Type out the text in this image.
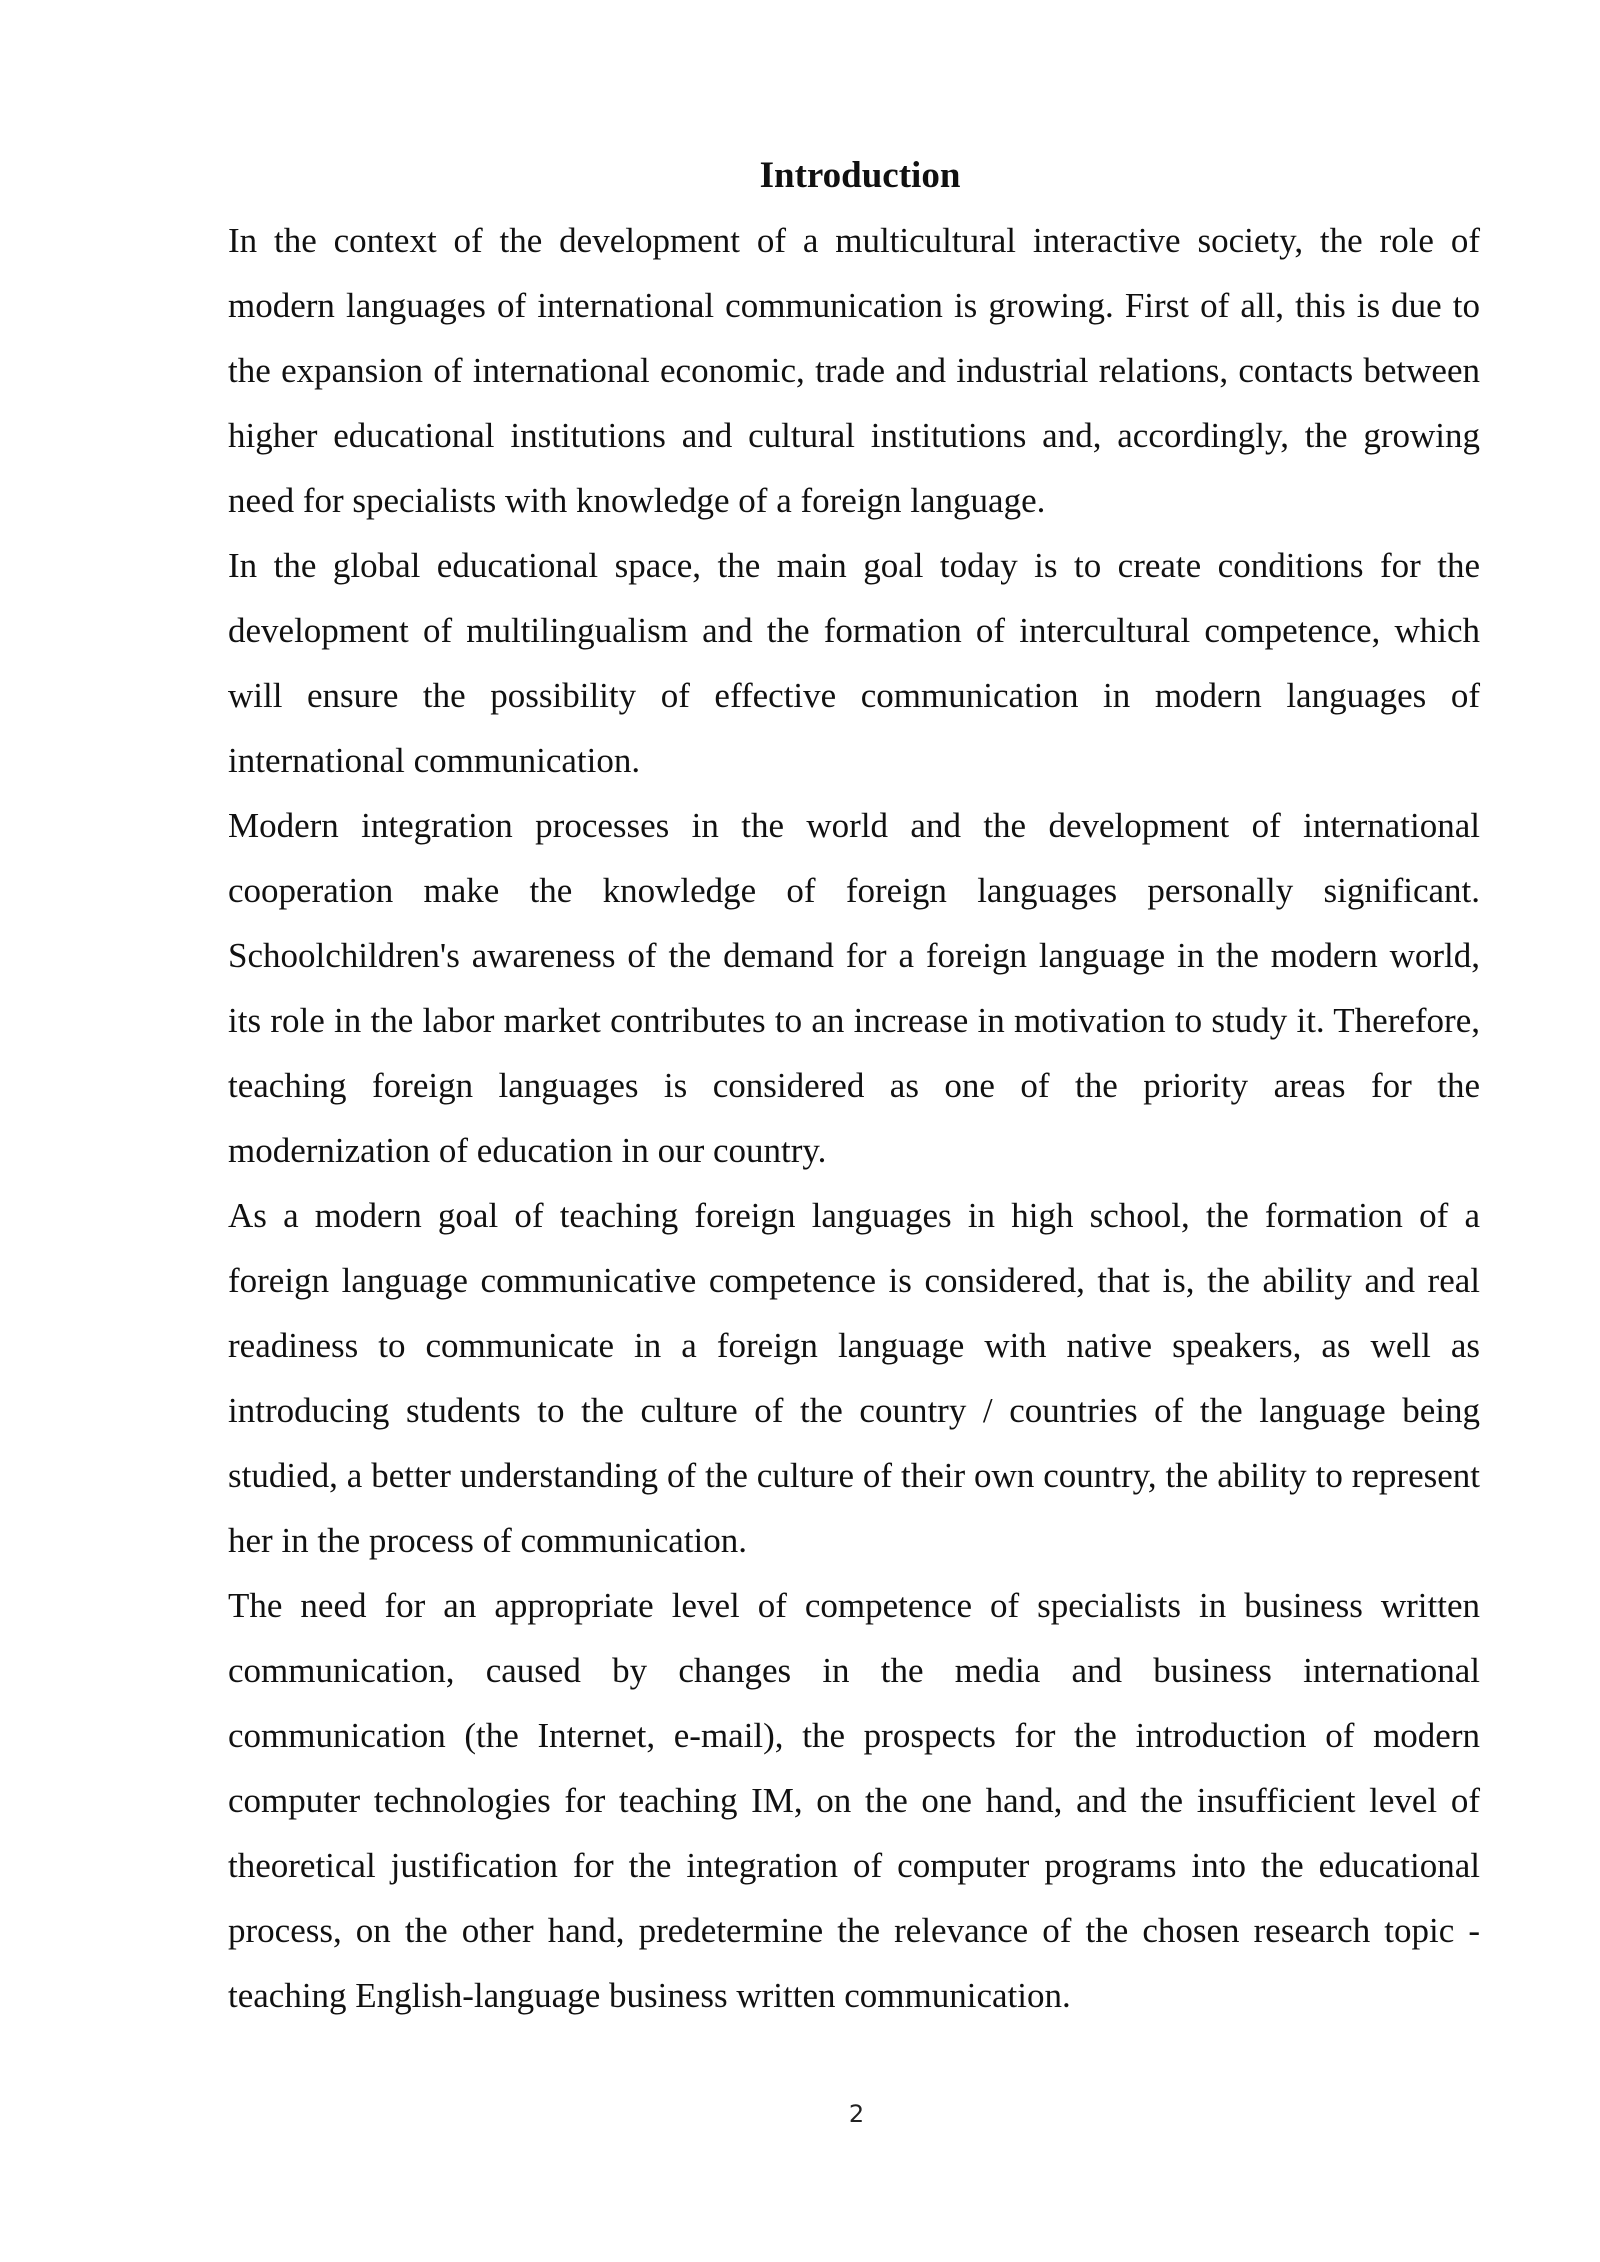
Introduction

In the context of the development of a multicultural interactive society, the role of modern languages of international communication is growing. First of all, this is due to the expansion of international economic, trade and industrial relations, contacts between higher educational institutions and cultural institutions and, accordingly, the growing need for specialists with knowledge of a foreign language.

In the global educational space, the main goal today is to create conditions for the development of multilingualism and the formation of intercultural competence, which will ensure the possibility of effective communication in modern languages of international communication.

Modern integration processes in the world and the development of international cooperation make the knowledge of foreign languages personally significant. Schoolchildren's awareness of the demand for a foreign language in the modern world, its role in the labor market contributes to an increase in motivation to study it. Therefore, teaching foreign languages is considered as one of the priority areas for the modernization of education in our country.

As a modern goal of teaching foreign languages in high school, the formation of a foreign language communicative competence is considered, that is, the ability and real readiness to communicate in a foreign language with native speakers, as well as introducing students to the culture of the country / countries of the language being studied, a better understanding of the culture of their own country, the ability to represent her in the process of communication.

The need for an appropriate level of competence of specialists in business written communication, caused by changes in the media and business international communication (the Internet, e-mail), the prospects for the introduction of modern computer technologies for teaching IM, on the one hand, and the insufficient level of theoretical justification for the integration of computer programs into the educational process, on the other hand, predetermine the relevance of the chosen research topic - teaching English-language business written communication.

2
